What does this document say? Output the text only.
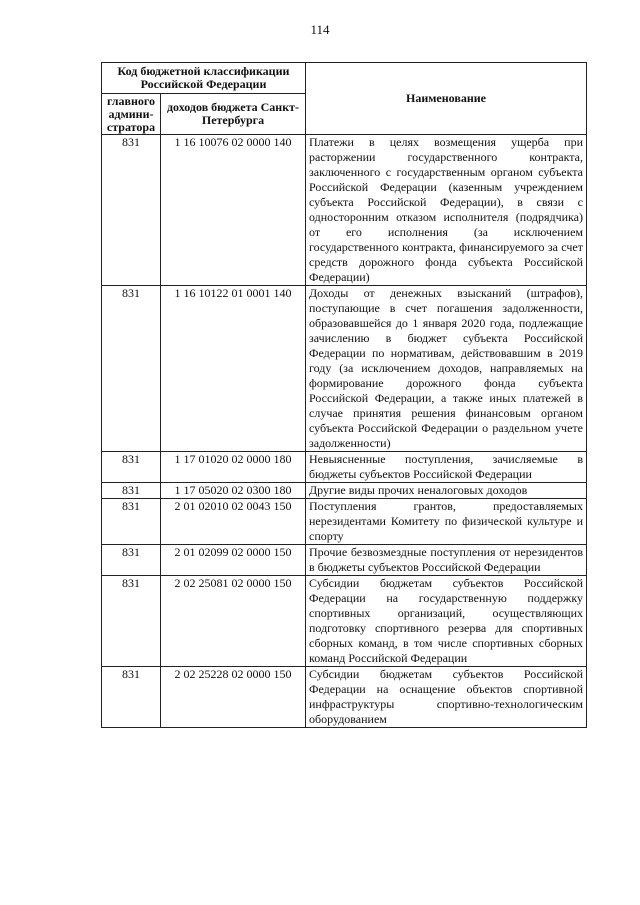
114
Код бюджетной классификации Российской Федерации		Наименование
главного админи-стратора	доходов бюджета Санкт-Петербурга	
831	1 16 10076 02 0000 140	Платежи в целях возмещения ущерба при расторжении государственного контракта, заключенного с государственным органом субъекта Российской Федерации (казенным учреждением субъекта Российской Федерации), в связи с односторонним отказом исполнителя (подрядчика) от его исполнения (за исключением государственного контракта, финансируемого за счет средств дорожного фонда субъекта Российской Федерации)
831	1 16 10122 01 0001 140	Доходы от денежных взысканий (штрафов), поступающие в счет погашения задолженности, образовавшейся до 1 января 2020 года, подлежащие зачислению в бюджет субъекта Российской Федерации по нормативам, действовавшим в 2019 году (за исключением доходов, направляемых на формирование дорожного фонда субъекта Российской Федерации, а также иных платежей в случае принятия решения финансовым органом субъекта Российской Федерации о раздельном учете задолженности)
831	1 17 01020 02 0000 180	Невыясненные поступления, зачисляемые в бюджеты субъектов Российской Федерации
831	1 17 05020 02 0300 180	Другие виды прочих неналоговых доходов
831	2 01 02010 02 0043 150	Поступления грантов, предоставляемых нерезидентами Комитету по физической культуре и спорту
831	2 01 02099 02 0000 150	Прочие безвозмездные поступления от нерезидентов в бюджеты субъектов Российской Федерации
831	2 02 25081 02 0000 150	Субсидии бюджетам субъектов Российской Федерации на государственную поддержку спортивных организаций, осуществляющих подготовку спортивного резерва для спортивных сборных команд, в том числе спортивных сборных команд Российской Федерации
831	2 02 25228 02 0000 150	Субсидии бюджетам субъектов Российской Федерации на оснащение объектов спортивной инфраструктуры спортивно-технологическим оборудованием
